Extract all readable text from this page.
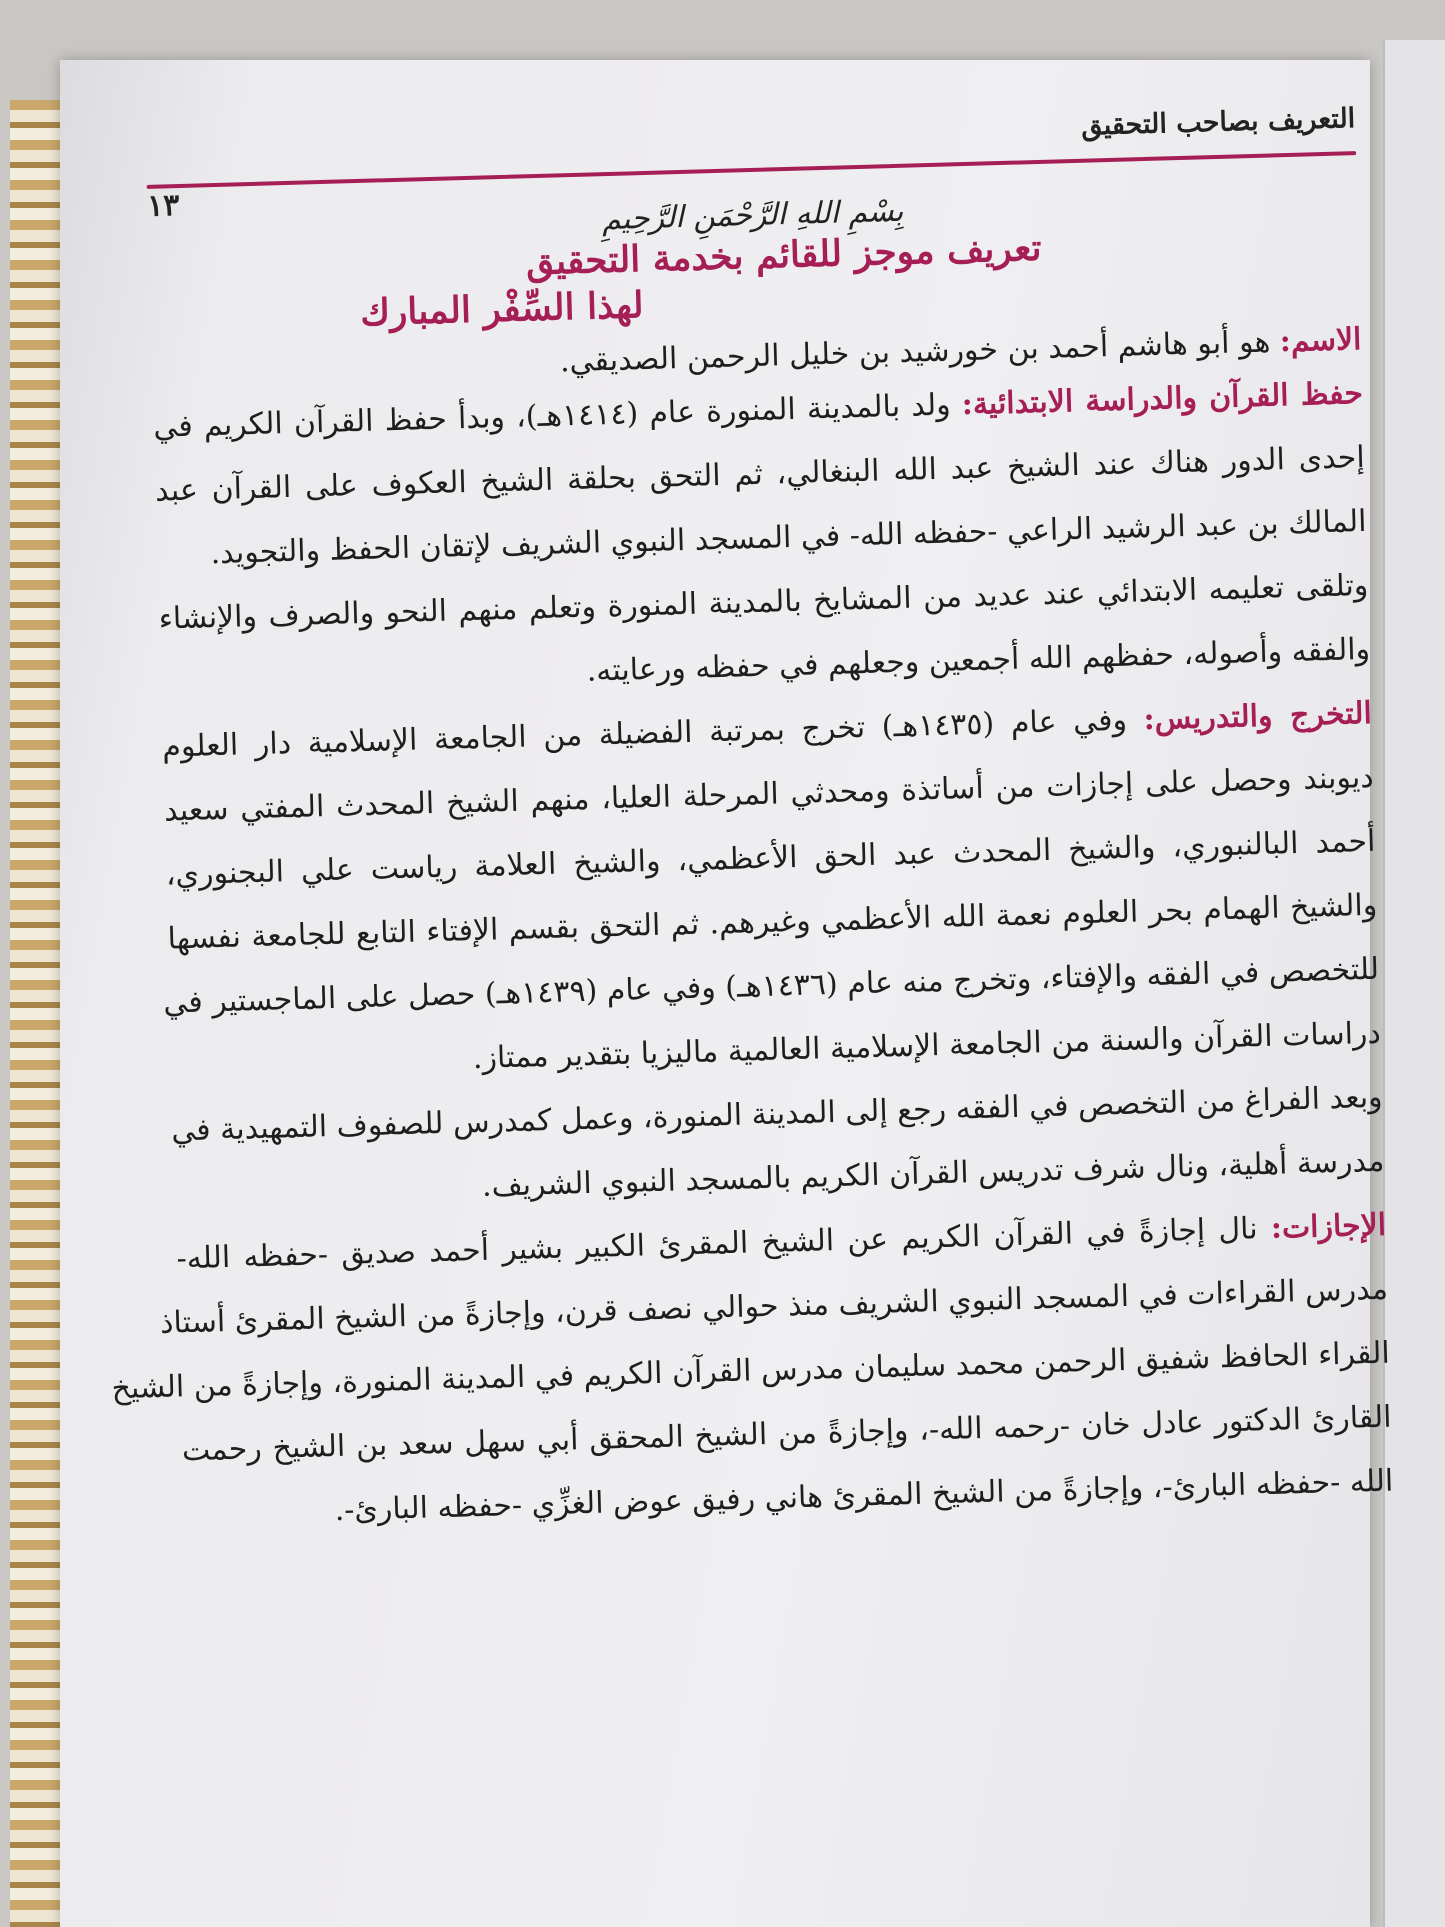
التعريف بصاحب التحقيق
١٣	بِسْمِ اللهِ الرَّحْمَنِ الرَّحِيمِ
تعريف موجز للقائم بخدمة التحقيق
لهذا السِّفْر المبارك
الاسم: هو أبو هاشم أحمد بن خورشيد بن خليل الرحمن الصديقي.
حفظ القرآن والدراسة الابتدائية: ولد بالمدينة المنورة عام (١٤١٤هـ)، وبدأ حفظ القرآن الكريم في
إحدى الدور هناك عند الشيخ عبد الله البنغالي، ثم التحق بحلقة الشيخ العكوف على القرآن عبد
المالك بن عبد الرشيد الراعي -حفظه الله- في المسجد النبوي الشريف لإتقان الحفظ والتجويد.
وتلقى تعليمه الابتدائي عند عديد من المشايخ بالمدينة المنورة وتعلم منهم النحو والصرف والإنشاء
والفقه وأصوله، حفظهم الله أجمعين وجعلهم في حفظه ورعايته.
التخرج والتدريس: وفي عام (١٤٣٥هـ) تخرج بمرتبة الفضيلة من الجامعة الإسلامية دار العلوم
ديوبند وحصل على إجازات من أساتذة ومحدثي المرحلة العليا، منهم الشيخ المحدث المفتي سعيد
أحمد البالنبوري، والشيخ المحدث عبد الحق الأعظمي، والشيخ العلامة رياست علي البجنوري،
والشيخ الهمام بحر العلوم نعمة الله الأعظمي وغيرهم. ثم التحق بقسم الإفتاء التابع للجامعة نفسها
للتخصص في الفقه والإفتاء، وتخرج منه عام (١٤٣٦هـ) وفي عام (١٤٣٩هـ) حصل على الماجستير في
دراسات القرآن والسنة من الجامعة الإسلامية العالمية ماليزيا بتقدير ممتاز.
وبعد الفراغ من التخصص في الفقه رجع إلى المدينة المنورة، وعمل كمدرس للصفوف التمهيدية في
مدرسة أهلية، ونال شرف تدريس القرآن الكريم بالمسجد النبوي الشريف.
الإجازات: نال إجازةً في القرآن الكريم عن الشيخ المقرئ الكبير بشير أحمد صديق -حفظه الله-
مدرس القراءات في المسجد النبوي الشريف منذ حوالي نصف قرن، وإجازةً من الشيخ المقرئ أستاذ
القراء الحافظ شفيق الرحمن محمد سليمان مدرس القرآن الكريم في المدينة المنورة، وإجازةً من الشيخ
القارئ الدكتور عادل خان -رحمه الله-، وإجازةً من الشيخ المحقق أبي سهل سعد بن الشيخ رحمت
الله -حفظه البارئ-، وإجازةً من الشيخ المقرئ هاني رفيق عوض الغزِّي -حفظه البارئ-.
